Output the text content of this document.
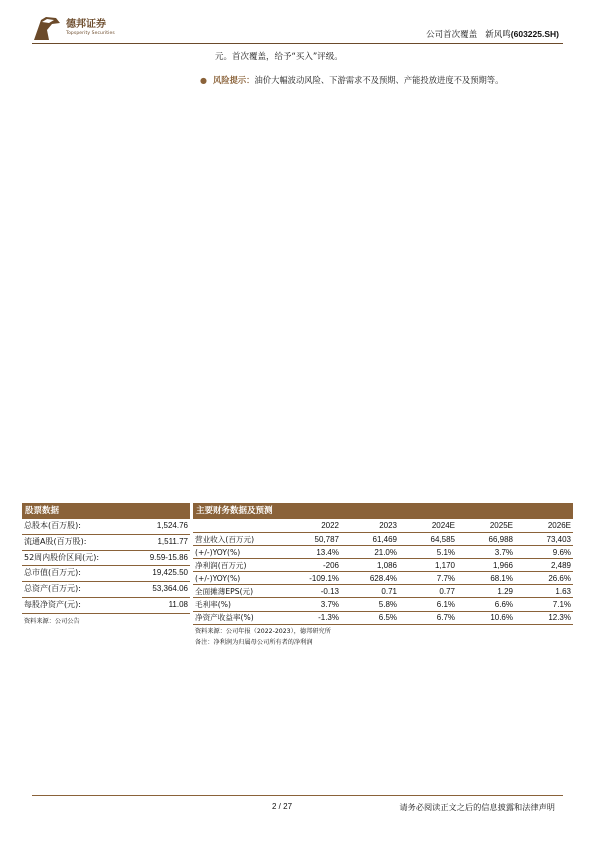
德邦证券
Topsperity Securities	公司首次覆盖 新风鸣(603225.SH)
元。首次覆盖，给予“买入”评级。
● 风险提示：油价大幅波动风险、下游需求不及预期、产能投放进度不及预期等。
股票数据
总股本(百万股):	1,524.76
流通A股(百万股):	1,511.77
52周内股价区间(元):	9.59-15.86
总市值(百万元):	19,425.50
总资产(百万元):	53,364.06
每股净资产(元):	11.08
资料来源：公司公告
主要财务数据及预测
	2022	2023	2024E	2025E	2026E
营业收入(百万元)	50,787	61,469	64,585	66,988	73,403
(+/-)YOY(%)	13.4%	21.0%	5.1%	3.7%	9.6%
净利润(百万元)	-206	1,086	1,170	1,966	2,489
(+/-)YOY(%)	-109.1%	628.4%	7.7%	68.1%	26.6%
全面摊薄EPS(元)	-0.13	0.71	0.77	1.29	1.63
毛利率(%)	3.7%	5.8%	6.1%	6.6%	7.1%
净资产收益率(%)	-1.3%	6.5%	6.7%	10.6%	12.3%
资料来源：公司年报（2022-2023），德邦研究所
备注：净利润为归属母公司所有者的净利润
2 / 27	请务必阅读正文之后的信息披露和法律声明
